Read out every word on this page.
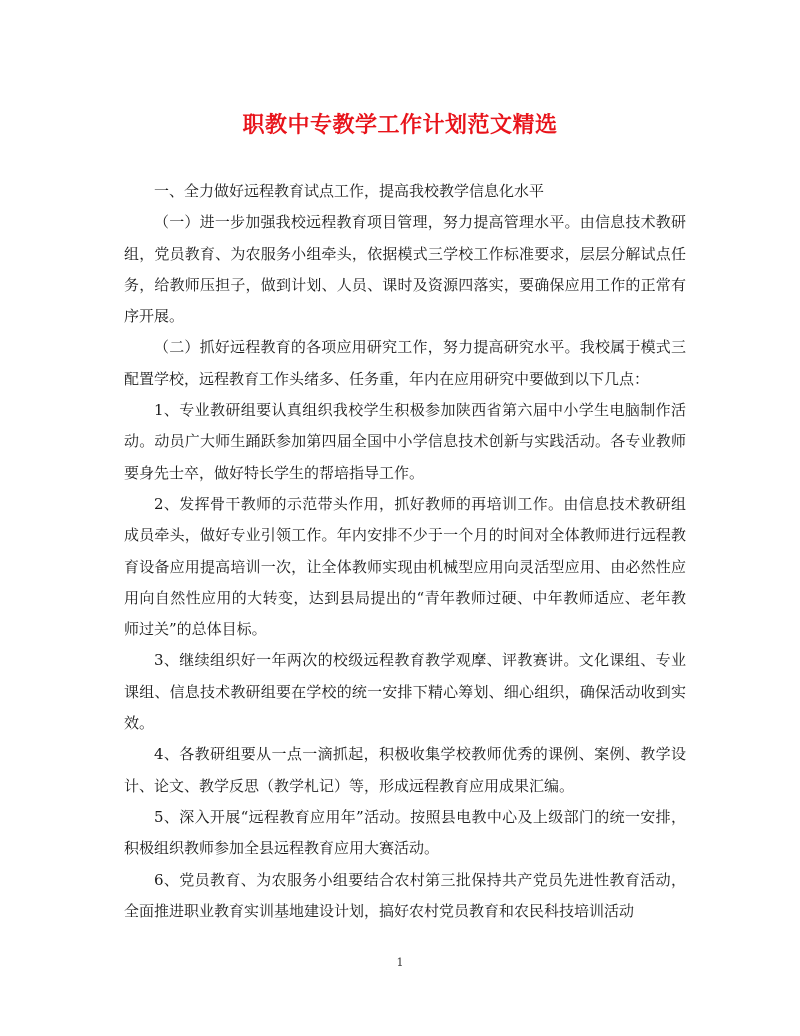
职教中专教学工作计划范文精选

一、全力做好远程教育试点工作，提高我校教学信息化水平

（一）进一步加强我校远程教育项目管理，努力提高管理水平。由信息技术教研组，党员教育、为农服务小组牵头，依据模式三学校工作标准要求，层层分解试点任务，给教师压担子，做到计划、人员、课时及资源四落实，要确保应用工作的正常有序开展。

（二）抓好远程教育的各项应用研究工作，努力提高研究水平。我校属于模式三配置学校，远程教育工作头绪多、任务重，年内在应用研究中要做到以下几点：

1、专业教研组要认真组织我校学生积极参加陕西省第六届中小学生电脑制作活动。动员广大师生踊跃参加第四届全国中小学信息技术创新与实践活动。各专业教师要身先士卒，做好特长学生的帮培指导工作。

2、发挥骨干教师的示范带头作用，抓好教师的再培训工作。由信息技术教研组成员牵头，做好专业引领工作。年内安排不少于一个月的时间对全体教师进行远程教育设备应用提高培训一次，让全体教师实现由机械型应用向灵活型应用、由必然性应用向自然性应用的大转变，达到县局提出的“青年教师过硬、中年教师适应、老年教师过关”的总体目标。

3、继续组织好一年两次的校级远程教育教学观摩、评教赛讲。文化课组、专业课组、信息技术教研组要在学校的统一安排下精心筹划、细心组织，确保活动收到实效。

4、各教研组要从一点一滴抓起，积极收集学校教师优秀的课例、案例、教学设计、论文、教学反思（教学札记）等，形成远程教育应用成果汇编。

5、深入开展“远程教育应用年”活动。按照县电教中心及上级部门的统一安排，积极组织教师参加全县远程教育应用大赛活动。

6、党员教育、为农服务小组要结合农村第三批保持共产党员先进性教育活动，全面推进职业教育实训基地建设计划，搞好农村党员教育和农民科技培训活动

1
